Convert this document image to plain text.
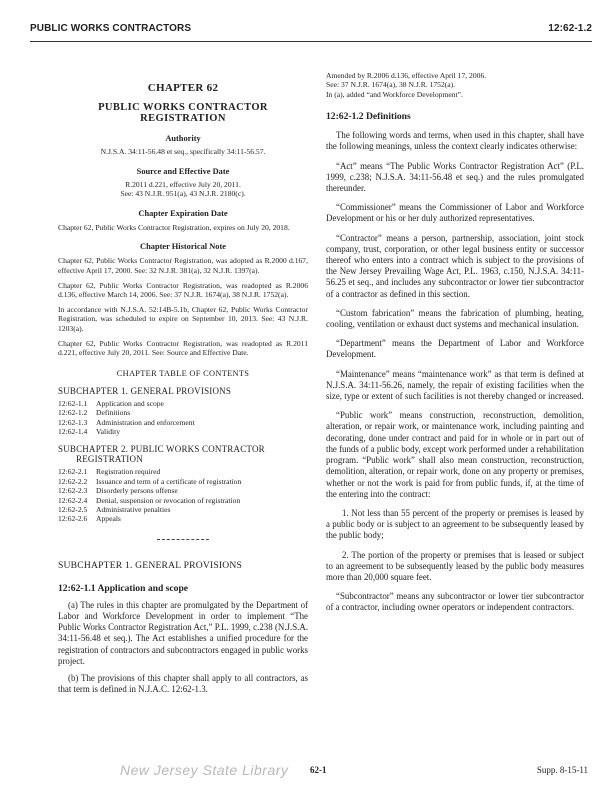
PUBLIC WORKS CONTRACTORS	12:62-1.2
CHAPTER 62
PUBLIC WORKS CONTRACTOR REGISTRATION
Authority
N.J.S.A. 34:11-56.48 et seq., specifically 34:11-56.57.
Source and Effective Date
R.2011 d.221, effective July 20, 2011.
See: 43 N.J.R. 951(a), 43 N.J.R. 2180(c).
Chapter Expiration Date
Chapter 62, Public Works Contractor Registration, expires on July 20, 2018.
Chapter Historical Note
Chapter 62, Public Works Contractor Registration, was adopted as R.2000 d.167, effective April 17, 2000. See: 32 N.J.R. 381(a), 32 N.J.R. 1397(a).
Chapter 62, Public Works Contractor Registration, was readopted as R.2006 d.136, effective March 14, 2006. See: 37 N.J.R. 1674(a), 38 N.J.R. 1752(a).
In accordance with N.J.S.A. 52:14B-5.1b, Chapter 62, Public Works Contractor Registration, was scheduled to expire on September 10, 2013. See: 43 N.J.R. 1203(a).
Chapter 62, Public Works Contractor Registration, was readopted as R.2011 d.221, effective July 20, 2011. See: Source and Effective Date.
CHAPTER TABLE OF CONTENTS
SUBCHAPTER 1. GENERAL PROVISIONS
12:62-1.1	Application and scope
12:62-1.2	Definitions
12:62-1.3	Administration and enforcement
12:62-1.4	Validity
SUBCHAPTER 2. PUBLIC WORKS CONTRACTOR
REGISTRATION
12:62-2.1	Registration required
12:62-2.2	Issuance and term of a certificate of registration
12:62-2.3	Disorderly persons offense
12:62-2.4	Denial, suspension or revocation of registration
12:62-2.5	Administrative penalties
12:62-2.6	Appeals
SUBCHAPTER 1. GENERAL PROVISIONS
12:62-1.1 Application and scope

(a) The rules in this chapter are promulgated by the Department of Labor and Workforce Development in order to implement “The Public Works Contractor Registration Act,” P.L. 1999, c.238 (N.J.S.A. 34:11-56.48 et seq.). The Act establishes a unified procedure for the registration of contractors and subcontractors engaged in public works project.

(b) The provisions of this chapter shall apply to all contractors, as that term is defined in N.J.A.C. 12:62-1.3.

Amended by R.2006 d.136, effective April 17, 2006.
See: 37 N.J.R. 1674(a), 38 N.J.R. 1752(a).
In (a), added “and Workforce Development”.
12:62-1.2 Definitions

The following words and terms, when used in this chapter, shall have the following meanings, unless the context clearly indicates otherwise:

“Act” means “The Public Works Contractor Registration Act” (P.L. 1999, c.238; N.J.S.A. 34:11-56.48 et seq.) and the rules promulgated thereunder.

“Commissioner” means the Commissioner of Labor and Workforce Development or his or her duly authorized representatives.

“Contractor” means a person, partnership, association, joint stock company, trust, corporation, or other legal business entity or successor thereof who enters into a contract which is subject to the provisions of the New Jersey Prevailing Wage Act, P.L. 1963, c.150, N.J.S.A. 34:11-56.25 et seq., and includes any subcontractor or lower tier subcontractor of a contractor as defined in this section.

“Custom fabrication” means the fabrication of plumbing, heating, cooling, ventilation or exhaust duct systems and mechanical insulation.

“Department” means the Department of Labor and Workforce Development.

“Maintenance” means “maintenance work” as that term is defined at N.J.S.A. 34:11-56.26, namely, the repair of existing facilities when the size, type or extent of such facilities is not thereby changed or increased.

“Public work” means construction, reconstruction, demolition, alteration, or repair work, or maintenance work, including painting and decorating, done under contract and paid for in whole or in part out of the funds of a public body, except work performed under a rehabilitation program. “Public work” shall also mean construction, reconstruction, demolition, alteration, or repair work, done on any property or premises, whether or not the work is paid for from public funds, if, at the time of the entering into the contract:

1. Not less than 55 percent of the property or premises is leased by a public body or is subject to an agreement to be subsequently leased by the public body;

2. The portion of the property or premises that is leased or subject to an agreement to be subsequently leased by the public body measures more than 20,000 square feet.

“Subcontractor” means any subcontractor or lower tier subcontractor of a contractor, including owner operators or independent contractors.

New Jersey State Library 62-1	Supp. 8-15-11
